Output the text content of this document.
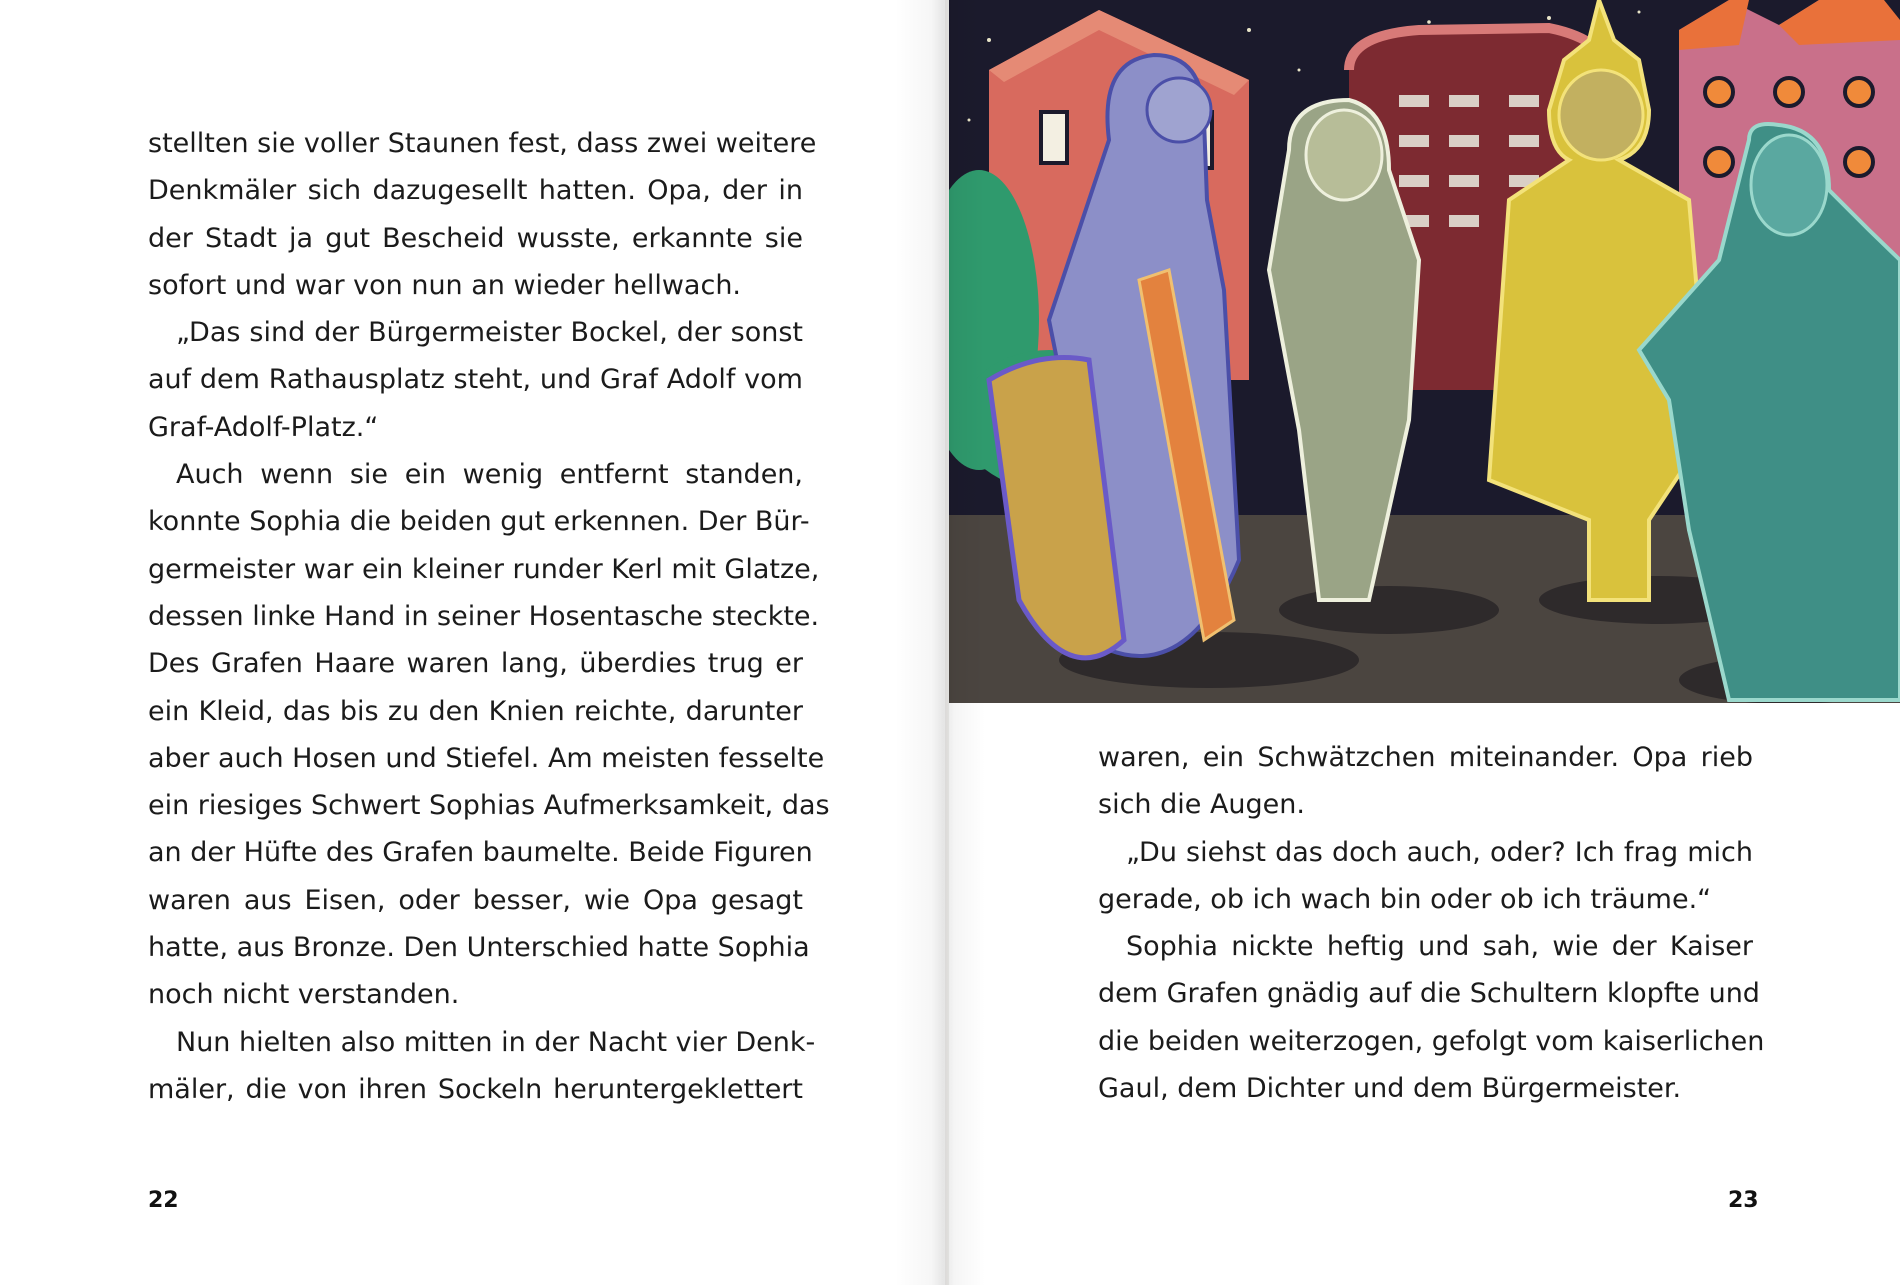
stellten sie voller Staunen fest, dass zwei weitere
Denkmäler sich dazugesellt hatten. Opa, der in
der Stadt ja gut Bescheid wusste, erkannte sie
sofort und war von nun an wieder hellwach.
„Das sind der Bürgermeister Bockel, der sonst
auf dem Rathausplatz steht, und Graf Adolf vom
Graf-Adolf-Platz.“
Auch wenn sie ein wenig entfernt standen,
konnte Sophia die beiden gut erkennen. Der Bür-
germeister war ein kleiner runder Kerl mit Glatze,
dessen linke Hand in seiner Hosentasche steckte.
Des Grafen Haare waren lang, überdies trug er
ein Kleid, das bis zu den Knien reichte, darunter
aber auch Hosen und Stiefel. Am meisten fesselte
ein riesiges Schwert Sophias Aufmerksamkeit, das
an der Hüfte des Grafen baumelte. Beide Figuren
waren aus Eisen, oder besser, wie Opa gesagt
hatte, aus Bronze. Den Unterschied hatte Sophia
noch nicht verstanden.
Nun hielten also mitten in der Nacht vier Denk-
mäler, die von ihren Sockeln heruntergeklettert
22	23
waren, ein Schwätzchen miteinander. Opa rieb
sich die Augen.
„Du siehst das doch auch, oder? Ich frag mich
gerade, ob ich wach bin oder ob ich träume.“
Sophia nickte heftig und sah, wie der Kaiser
dem Grafen gnädig auf die Schultern klopfte und
die beiden weiterzogen, gefolgt vom kaiserlichen
Gaul, dem Dichter und dem Bürgermeister.
